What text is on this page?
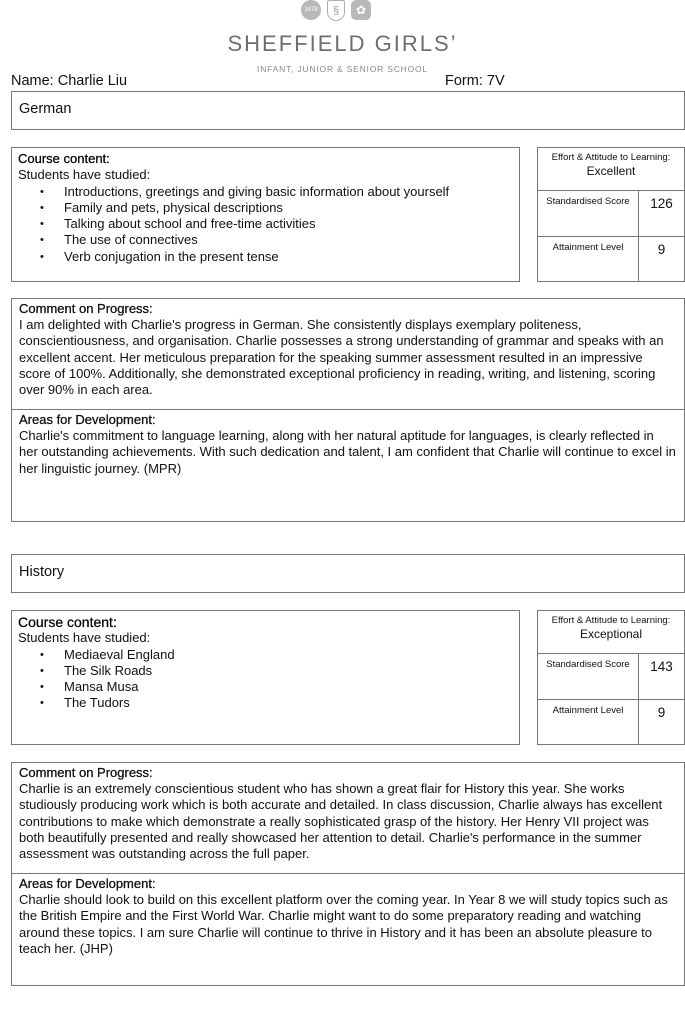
1878	§	✿
SHEFFIELD GIRLS’
INFANT, JUNIOR & SENIOR SCHOOL
Name: Charlie Liu	Form: 7V
German
Course content:
Students have studied:
• Introductions, greetings and giving basic information about yourself
• Family and pets, physical descriptions
• Talking about school and free-time activities
• The use of connectives
• Verb conjugation in the present tense
Effort & Attitude to Learning:
Excellent
Standardised Score	126
Attainment Level	9
Comment on Progress:
I am delighted with Charlie's progress in German. She consistently displays exemplary politeness, conscientiousness, and organisation. Charlie possesses a strong understanding of grammar and speaks with an excellent accent. Her meticulous preparation for the speaking summer assessment resulted in an impressive score of 100%. Additionally, she demonstrated exceptional proficiency in reading, writing, and listening, scoring over 90% in each area.
Areas for Development:
Charlie's commitment to language learning, along with her natural aptitude for languages, is clearly reflected in her outstanding achievements. With such dedication and talent, I am confident that Charlie will continue to excel in her linguistic journey. (MPR)
History
Course content:
Students have studied:
• Mediaeval England
• The Silk Roads
• Mansa Musa
• The Tudors
Effort & Attitude to Learning:
Exceptional
Standardised Score	143
Attainment Level	9
Comment on Progress:
Charlie is an extremely conscientious student who has shown a great flair for History this year. She works studiously producing work which is both accurate and detailed. In class discussion, Charlie always has excellent contributions to make which demonstrate a really sophisticated grasp of the history. Her Henry VII project was both beautifully presented and really showcased her attention to detail. Charlie's performance in the summer assessment was outstanding across the full paper.
Areas for Development:
Charlie should look to build on this excellent platform over the coming year. In Year 8 we will study topics such as the British Empire and the First World War. Charlie might want to do some preparatory reading and watching around these topics. I am sure Charlie will continue to thrive in History and it has been an absolute pleasure to teach her. (JHP)
